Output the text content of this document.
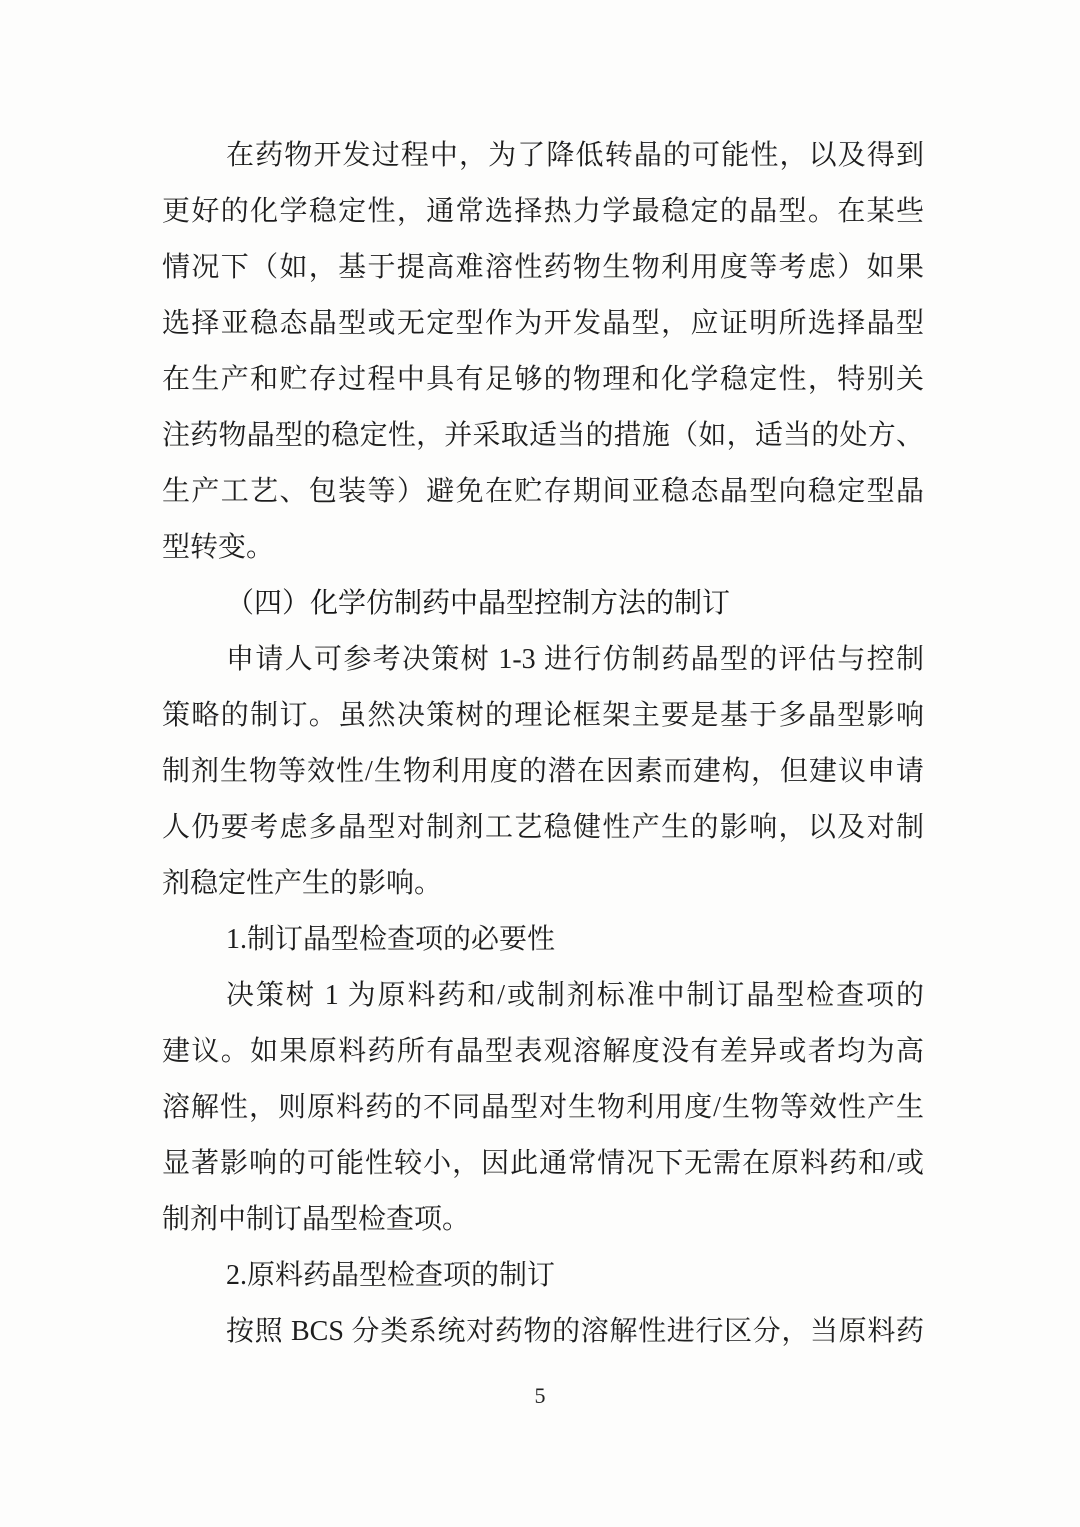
在药物开发过程中，为了降低转晶的可能性，以及得到
更好的化学稳定性，通常选择热力学最稳定的晶型。在某些
情况下（如，基于提高难溶性药物生物利用度等考虑）如果
选择亚稳态晶型或无定型作为开发晶型，应证明所选择晶型
在生产和贮存过程中具有足够的物理和化学稳定性，特别关
注药物晶型的稳定性，并采取适当的措施（如，适当的处方、
生产工艺、包装等）避免在贮存期间亚稳态晶型向稳定型晶
型转变。
（四）化学仿制药中晶型控制方法的制订
申请人可参考决策树 1-3 进行仿制药晶型的评估与控制
策略的制订。虽然决策树的理论框架主要是基于多晶型影响
制剂生物等效性/生物利用度的潜在因素而建构，但建议申请
人仍要考虑多晶型对制剂工艺稳健性产生的影响，以及对制
剂稳定性产生的影响。
1.制订晶型检查项的必要性
决策树 1 为原料药和/或制剂标准中制订晶型检查项的
建议。如果原料药所有晶型表观溶解度没有差异或者均为高
溶解性，则原料药的不同晶型对生物利用度/生物等效性产生
显著影响的可能性较小，因此通常情况下无需在原料药和/或
制剂中制订晶型检查项。
2.原料药晶型检查项的制订
按照 BCS 分类系统对药物的溶解性进行区分，当原料药
5
